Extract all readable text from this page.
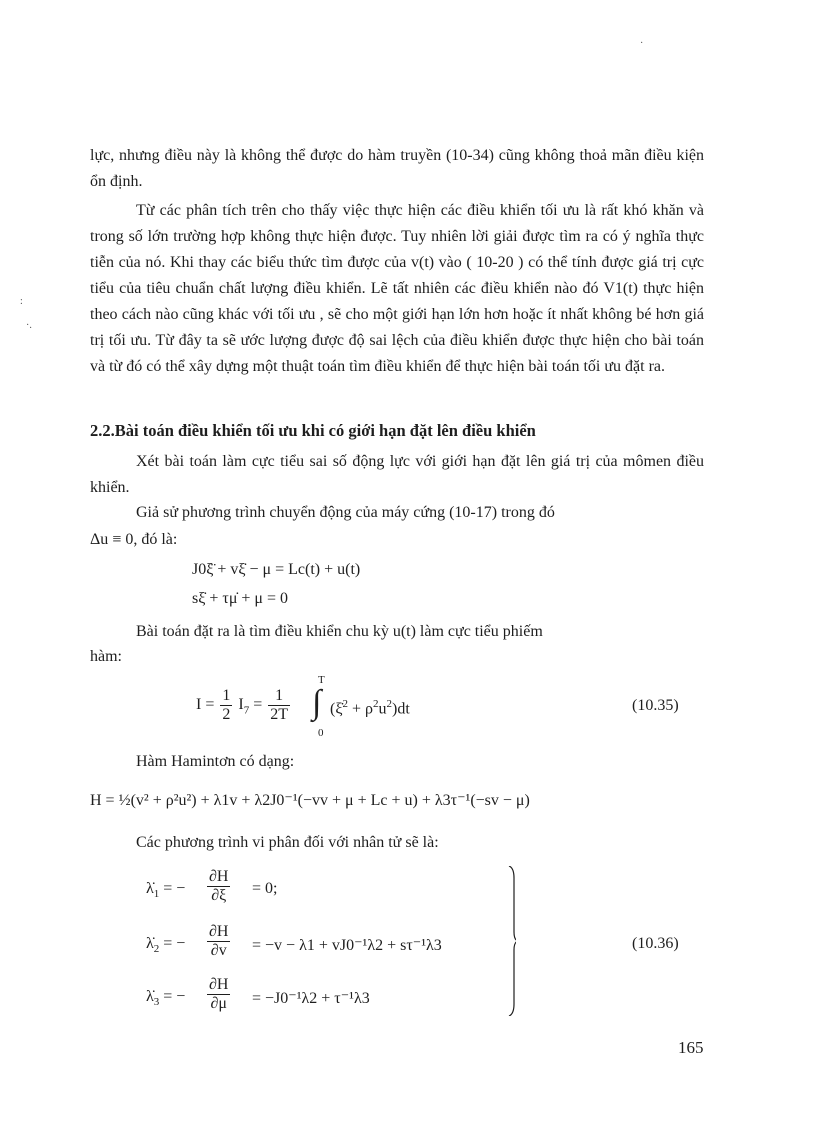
lực, nhưng điều này là không thể được do hàm truyền (10-34) cũng không thoả mãn điều kiện ổn định.

Từ các phân tích trên cho thấy việc thực hiện các điều khiển tối ưu là rất khó khăn và trong số lớn trường hợp không thực hiện được. Tuy nhiên lời giải được tìm ra có ý nghĩa thực tiễn của nó. Khi thay các biểu thức tìm được của v(t) vào ( 10-20 ) có thể tính được giá trị cực tiểu của tiêu chuẩn chất lượng điều khiển. Lẽ tất nhiên các điều khiển nào đó V1(t) thực hiện theo cách nào cũng khác với tối ưu , sẽ cho một giới hạn lớn hơn hoặc ít nhất không bé hơn giá trị tối ưu. Từ đây ta sẽ ước lượng được độ sai lệch của điều khiển được thực hiện cho bài toán và từ đó có thể xây dựng một thuật toán tìm điều khiển để thực hiện bài toán tối ưu đặt ra.

2.2.Bài toán điều khiển tối ưu khi có giới hạn đặt lên điều khiển

Xét bài toán làm cực tiểu sai số động lực với giới hạn đặt lên giá trị của mômen điều khiển.

Giả sử phương trình chuyển động của máy cứng (10-17) trong đó

Δu ≡ 0, đó là:

J0ξ̈ + vξ̇ − μ = Lc(t) + u(t)
sξ̇ + τμ̇ + μ = 0

Bài toán đặt ra là tìm điều khiển chu kỳ u(t) làm cực tiểu phiếm

hàm:

$I = \frac{1}{2} I_7 = \frac{1}{2T}$
T
∫
0
(ξ̇$^2$ + $\rho^2u^2)dt$	(10.35)

Hàm Hamintơn có dạng:

H = ½(v² + ρ²u²) + λ1v + λ2J0⁻¹(−vv + μ + Lc + u) + λ3τ⁻¹(−sv − μ)

Các phương trình vi phân đối với nhân tử sẽ là:

$\lambdȧ_1$ = − $\frac{\partial H}{\partial\xi} = 0$;
$\lambdȧ_2$ = − $\frac{\partial H}{\partial v} = -v - \lambda 1 + vJ0^{-1}\lambda 2 + s\tau^{-1}\lambda 3$
$\lambdȧ_3$ = − $\frac{\partial H}{\partial\mu} = -J0^{-1}\lambda 2 + \tau^{-1}\lambda 3$
(10.36)
165
:
·.
·
